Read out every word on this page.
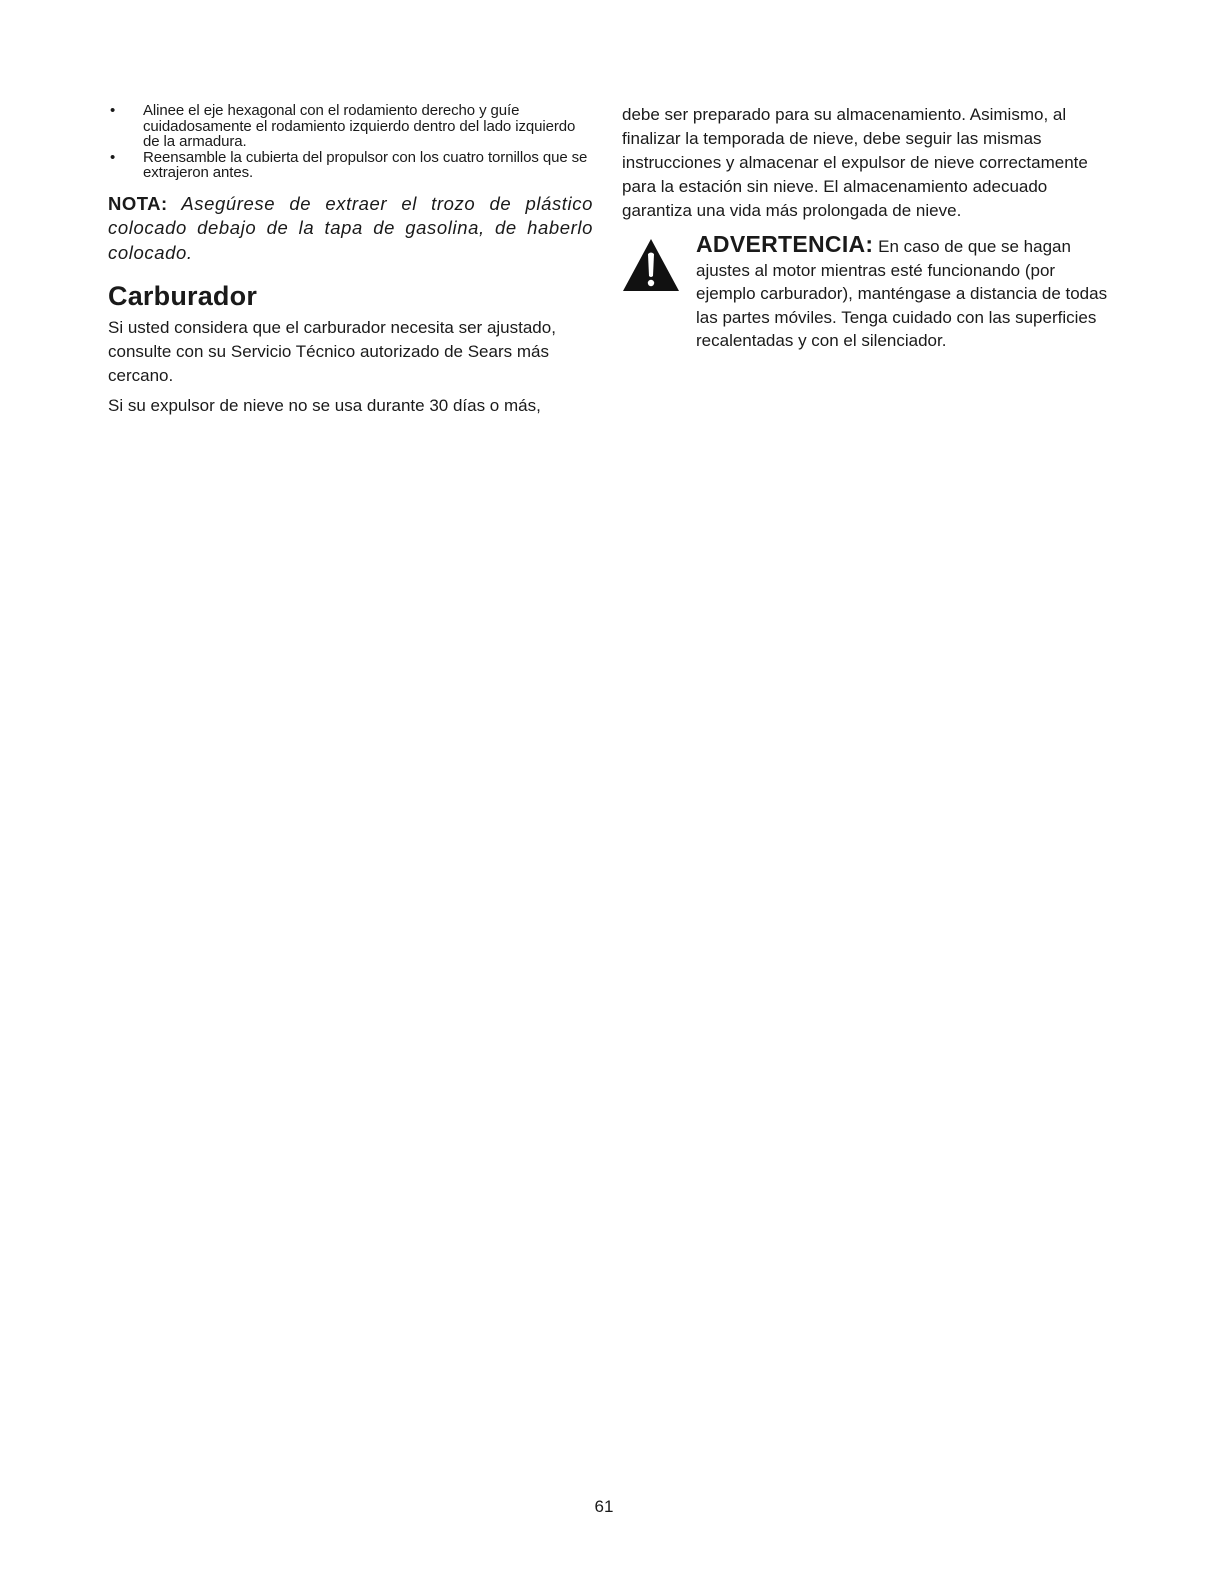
• Alinee el eje hexagonal con el rodamiento derecho y guíe cuidadosamente el rodamiento izquierdo dentro del lado izquierdo de la armadura.
• Reensamble la cubierta del propulsor con los cuatro tornillos que se extrajeron antes.

NOTA: Asegúrese de extraer el trozo de plástico colocado debajo de la tapa de gasolina, de haberlo colocado.

Carburador

Si usted considera que el carburador necesita ser ajustado, consulte con su Servicio Técnico autorizado de Sears más cercano.

Si su expulsor de nieve no se usa durante 30 días o más,

debe ser preparado para su almacenamiento. Asimismo, al finalizar la temporada de nieve, debe seguir las mismas instrucciones y almacenar el expulsor de nieve correctamente para la estación sin nieve. El almacenamiento adecuado garantiza una vida más prolongada de nieve.

ADVERTENCIA: En caso de que se hagan ajustes al motor mientras esté funcionando (por ejemplo carburador), manténgase a distancia de todas las partes móviles. Tenga cuidado con las superficies recalentadas y con el silenciador.
61
